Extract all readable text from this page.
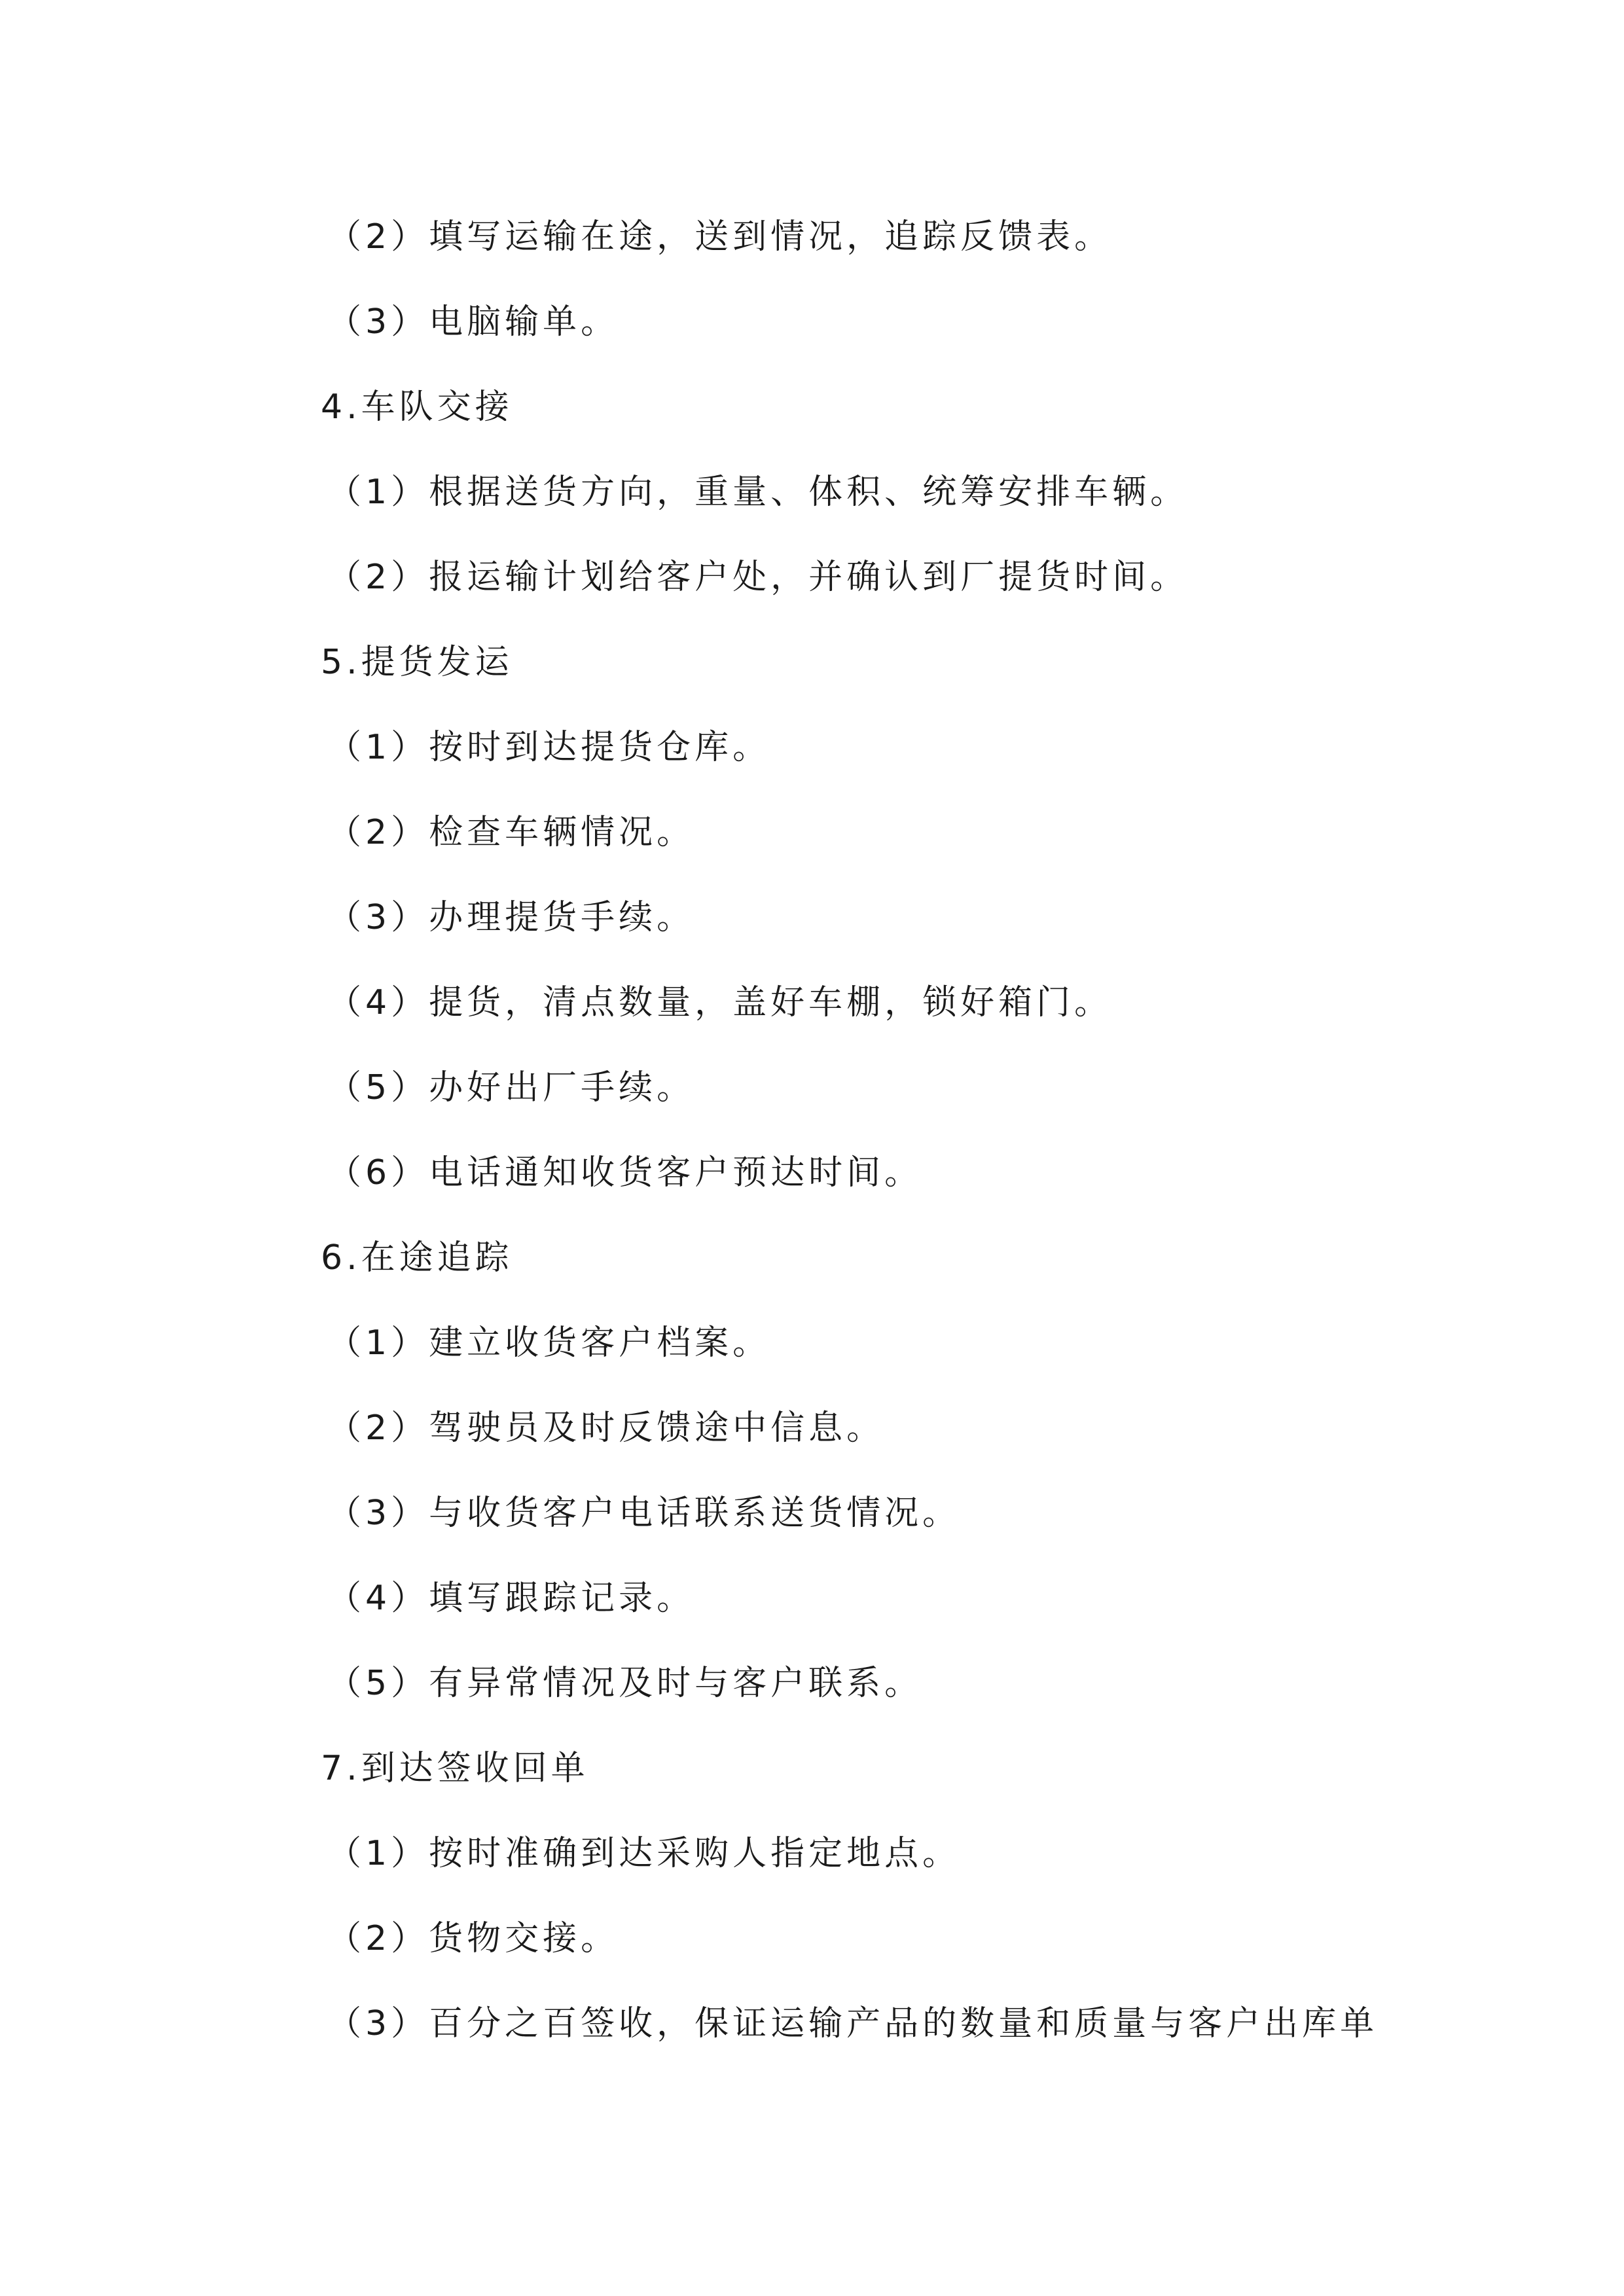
（2）填写运输在途，送到情况，追踪反馈表。
（3）电脑输单。
4.车队交接
（1）根据送货方向，重量、体积、统筹安排车辆。
（2）报运输计划给客户处，并确认到厂提货时间。
5.提货发运
（1）按时到达提货仓库。
（2）检查车辆情况。
（3）办理提货手续。
（4）提货，清点数量，盖好车棚，锁好箱门。
（5）办好出厂手续。
（6）电话通知收货客户预达时间。
6.在途追踪
（1）建立收货客户档案。
（2）驾驶员及时反馈途中信息。
（3）与收货客户电话联系送货情况。
（4）填写跟踪记录。
（5）有异常情况及时与客户联系。
7.到达签收回单
（1）按时准确到达采购人指定地点。
（2）货物交接。
（3）百分之百签收，保证运输产品的数量和质量与客户出库单
